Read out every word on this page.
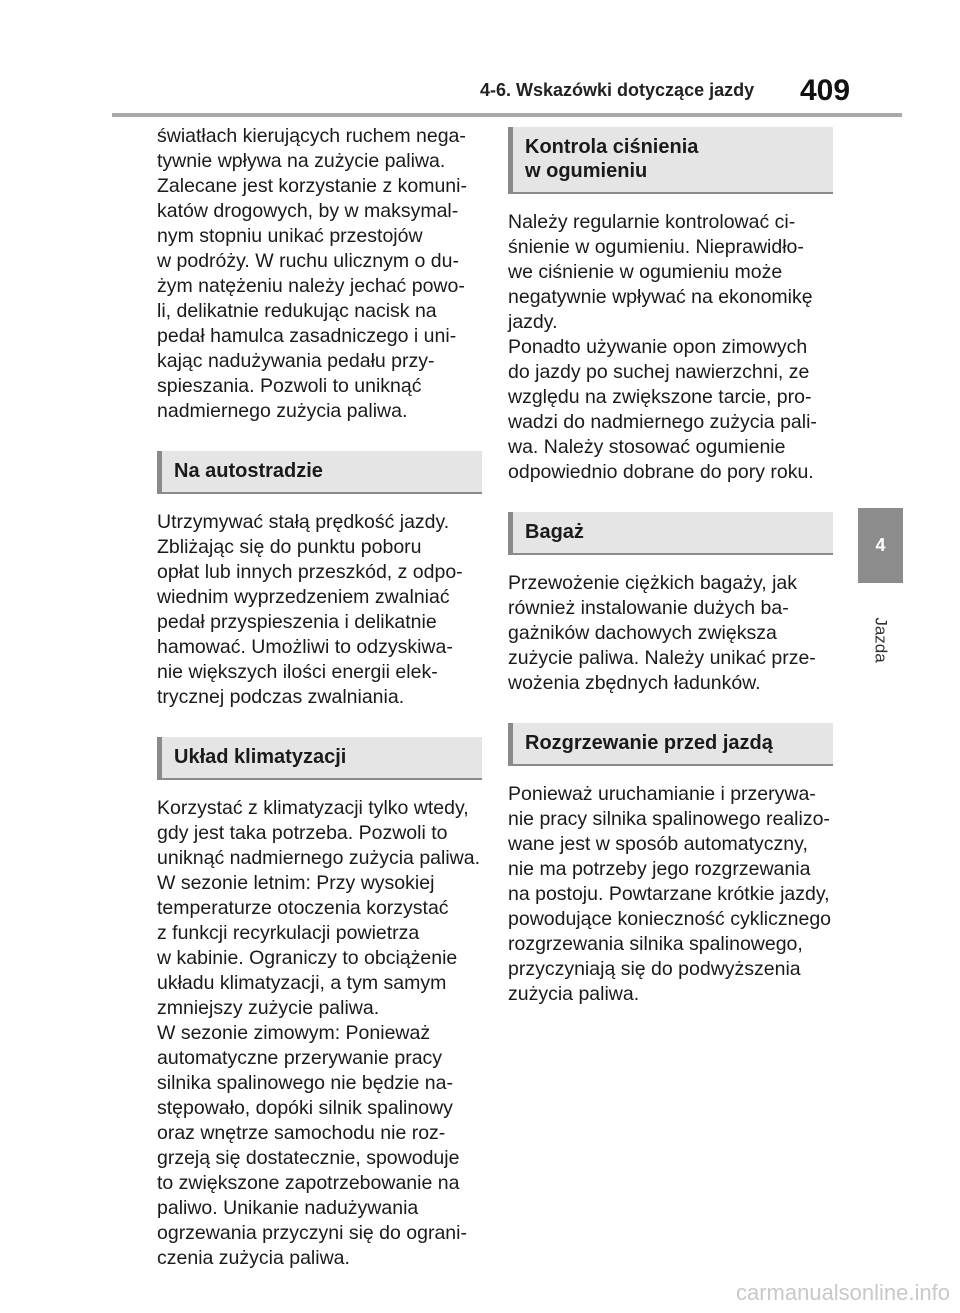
4-6. Wskazówki dotyczące jazdy 409

światłach kierujących ruchem nega-
tywnie wpływa na zużycie paliwa.
Zalecane jest korzystanie z komuni-
katów drogowych, by w maksymal-
nym stopniu unikać przestojów
w podróży. W ruchu ulicznym o du-
żym natężeniu należy jechać powo-
li, delikatnie redukując nacisk na
pedał hamulca zasadniczego i uni-
kając nadużywania pedału przy-
spieszania. Pozwoli to uniknąć
nadmiernego zużycia paliwa.

Na autostradzie

Utrzymywać stałą prędkość jazdy.
Zbliżając się do punktu poboru
opłat lub innych przeszkód, z odpo-
wiednim wyprzedzeniem zwalniać
pedał przyspieszenia i delikatnie
hamować. Umożliwi to odzyskiwa-
nie większych ilości energii elek-
trycznej podczas zwalniania.

Układ klimatyzacji

Korzystać z klimatyzacji tylko wtedy,
gdy jest taka potrzeba. Pozwoli to
uniknąć nadmiernego zużycia paliwa.
W sezonie letnim: Przy wysokiej
temperaturze otoczenia korzystać
z funkcji recyrkulacji powietrza
w kabinie. Ograniczy to obciążenie
układu klimatyzacji, a tym samym
zmniejszy zużycie paliwa.
W sezonie zimowym: Ponieważ
automatyczne przerywanie pracy
silnika spalinowego nie będzie na-
stępowało, dopóki silnik spalinowy
oraz wnętrze samochodu nie roz-
grzeją się dostatecznie, spowoduje
to zwiększone zapotrzebowanie na
paliwo. Unikanie nadużywania
ogrzewania przyczyni się do ograni-
czenia zużycia paliwa.

Kontrola ciśnienia
w ogumieniu

Należy regularnie kontrolować ci-
śnienie w ogumieniu. Nieprawidło-
we ciśnienie w ogumieniu może
negatywnie wpływać na ekonomikę
jazdy.
Ponadto używanie opon zimowych
do jazdy po suchej nawierzchni, ze
względu na zwiększone tarcie, pro-
wadzi do nadmiernego zużycia pali-
wa. Należy stosować ogumienie
odpowiednio dobrane do pory roku.

Bagaż

Przewożenie ciężkich bagaży, jak
również instalowanie dużych ba-
gażników dachowych zwiększa
zużycie paliwa. Należy unikać prze-
wożenia zbędnych ładunków.

Rozgrzewanie przed jazdą

Ponieważ uruchamianie i przerywa-
nie pracy silnika spalinowego realizo-
wane jest w sposób automatyczny,
nie ma potrzeby jego rozgrzewania
na postoju. Powtarzane krótkie jazdy,
powodujące konieczność cyklicznego
rozgrzewania silnika spalinowego,
przyczyniają się do podwyższenia
zużycia paliwa.

4
Jazda
carmanualsonline.info
